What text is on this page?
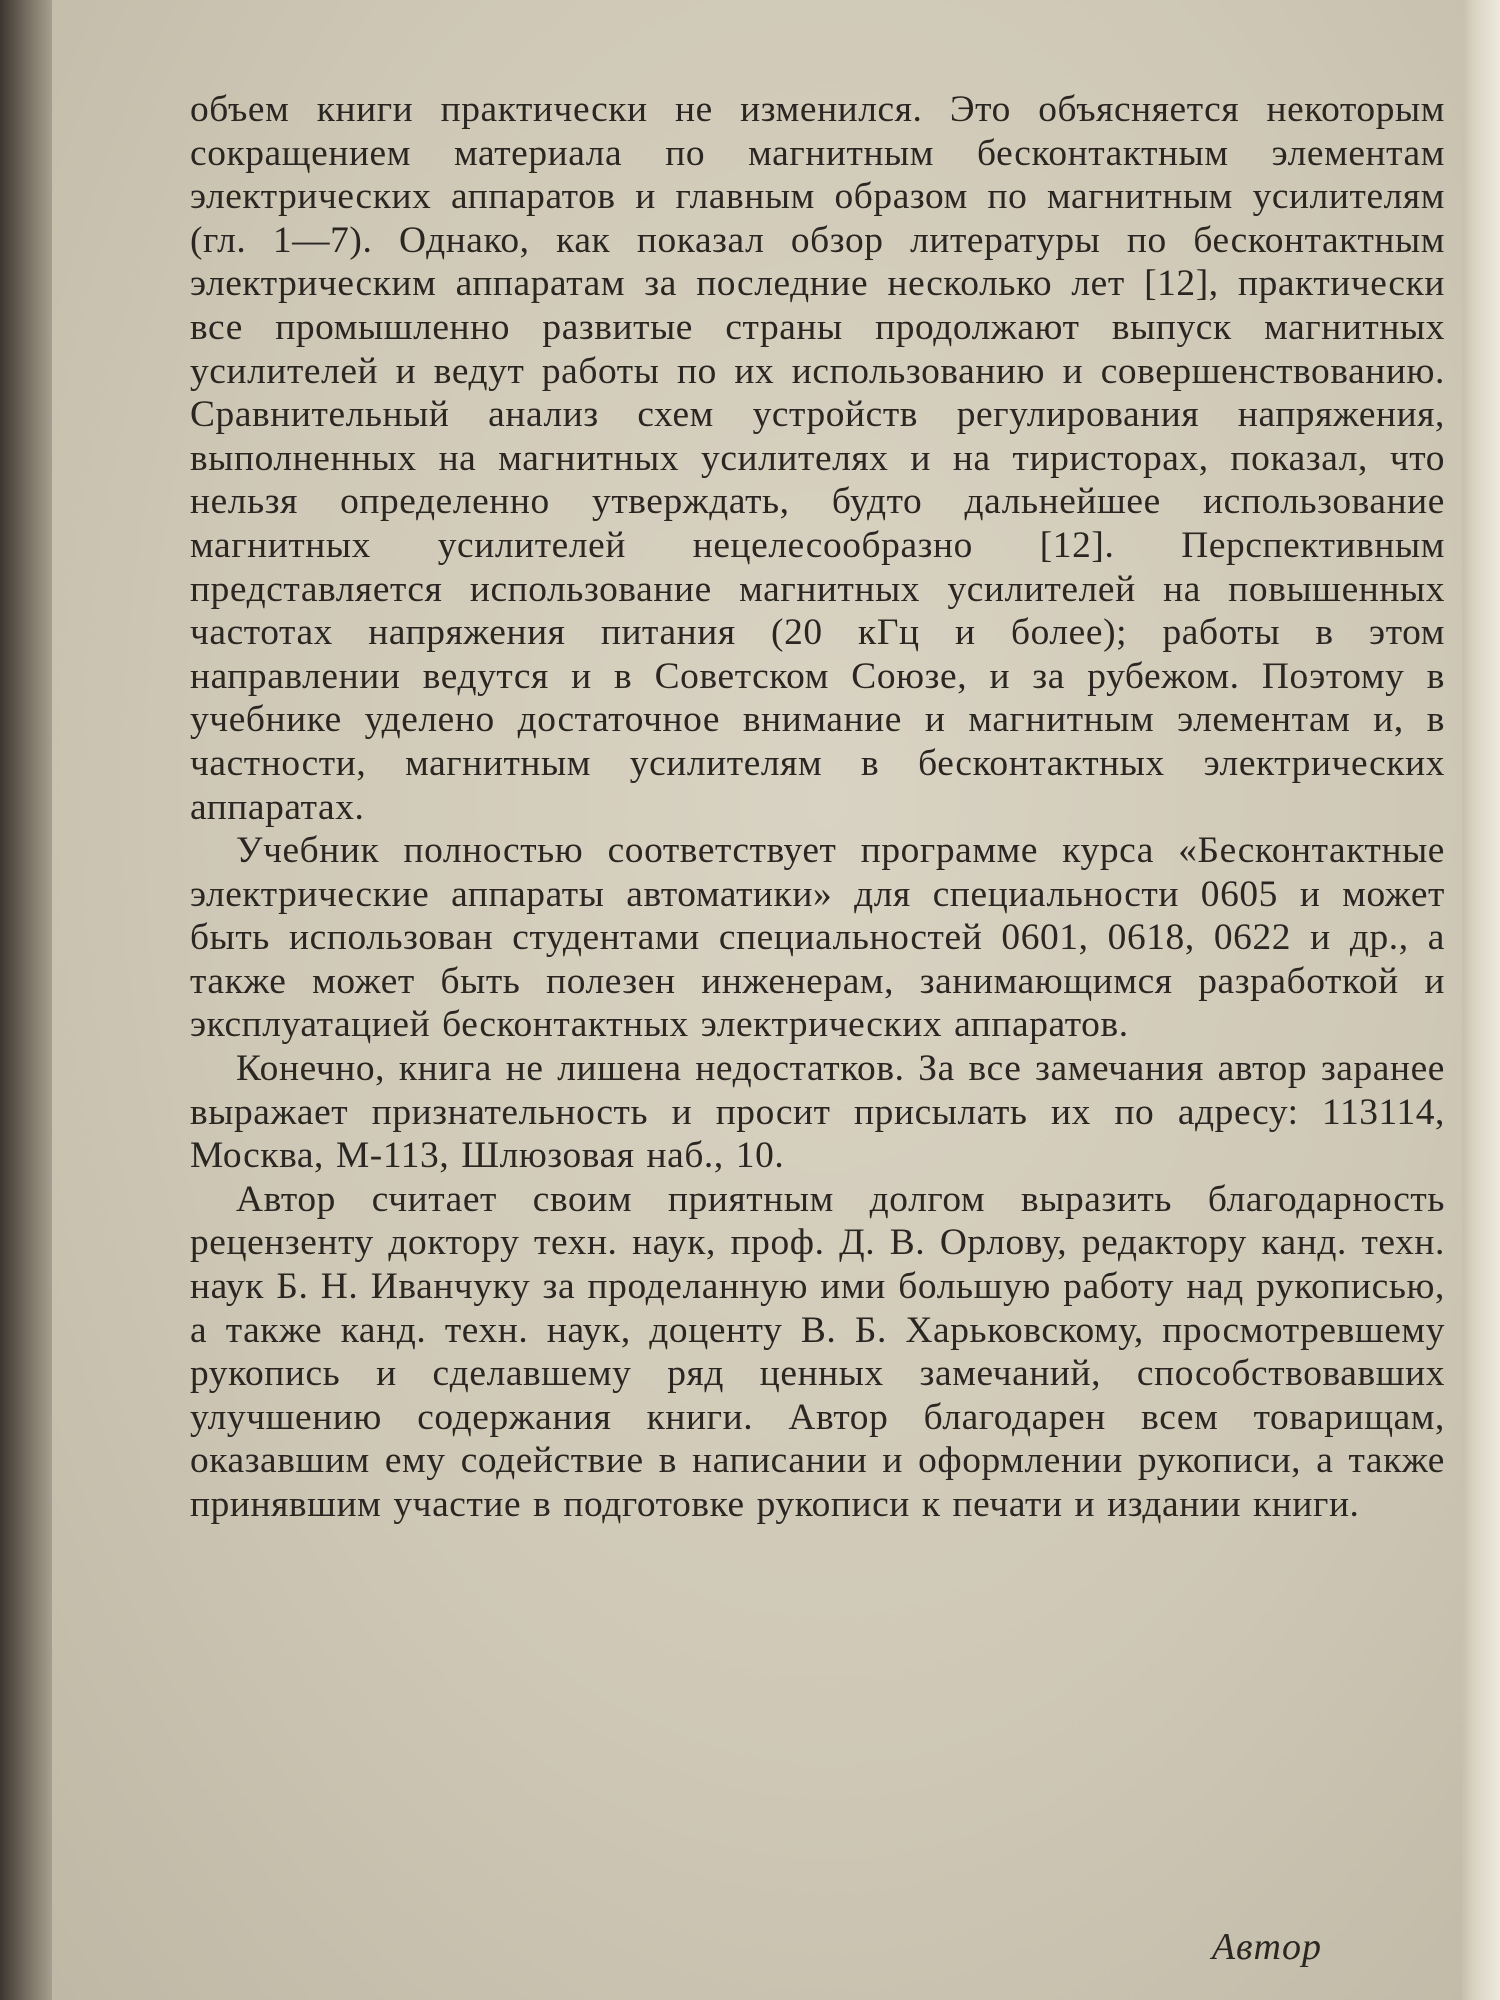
объем книги практически не изменился. Это объясняется некоторым сокращением материала по магнитным бесконтактным элементам электрических аппаратов и главным образом по магнитным усилителям (гл. 1—7). Однако, как показал обзор литературы по бесконтактным электрическим аппаратам за последние несколько лет [12], практически все промышленно развитые страны продолжают выпуск магнитных усилителей и ведут работы по их использованию и совершенствованию. Сравнительный анализ схем устройств регулирования напряжения, выполненных на магнитных усилителях и на тиристорах, показал, что нельзя определенно утверждать, будто дальнейшее использование магнитных усилителей нецелесообразно [12]. Перспективным представляется использование магнитных усилителей на повышенных частотах напряжения питания (20 кГц и более); работы в этом направлении ведутся и в Советском Союзе, и за рубежом. Поэтому в учебнике уделено достаточное внимание и магнитным элементам и, в частности, магнитным усилителям в бесконтактных электрических аппаратах.

Учебник полностью соответствует программе курса «Бесконтактные электрические аппараты автоматики» для специальности 0605 и может быть использован студентами специальностей 0601, 0618, 0622 и др., а также может быть полезен инженерам, занимающимся разработкой и эксплуатацией бесконтактных электрических аппаратов.

Конечно, книга не лишена недостатков. За все замечания автор заранее выражает признательность и просит присылать их по адресу: 113114, Москва, М-113, Шлюзовая наб., 10.

Автор считает своим приятным долгом выразить благодарность рецензенту доктору техн. наук, проф. Д. В. Орлову, редактору канд. техн. наук Б. Н. Иванчуку за проделанную ими большую работу над рукописью, а также канд. техн. наук, доценту В. Б. Харьковскому, просмотревшему рукопись и сделавшему ряд ценных замечаний, способствовавших улучшению содержания книги. Автор благодарен всем товарищам, оказавшим ему содействие в написании и оформлении рукописи, а также принявшим участие в подготовке рукописи к печати и издании книги.

Автор
